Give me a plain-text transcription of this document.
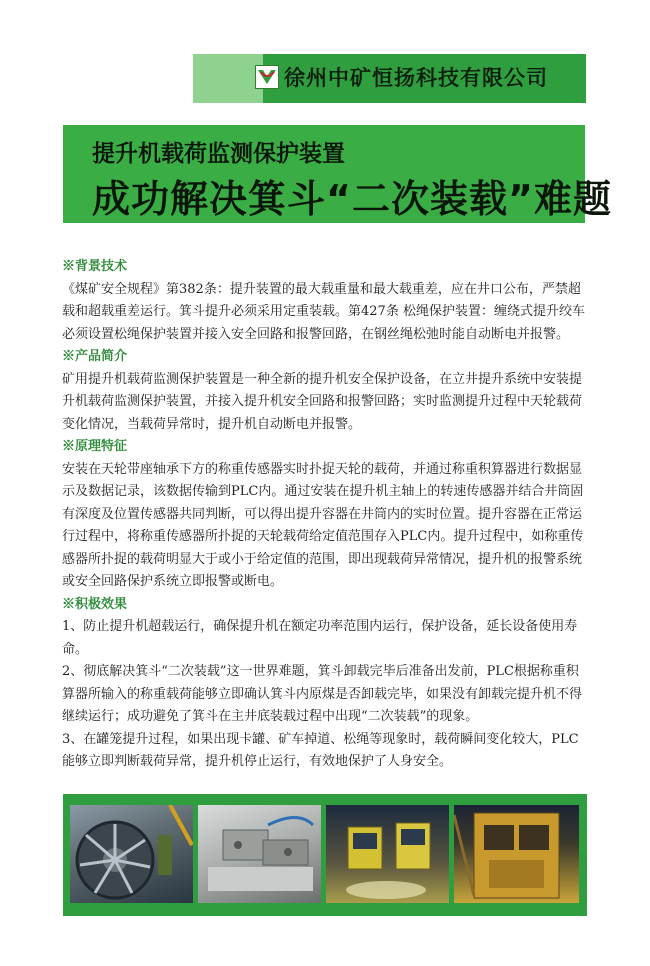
徐州中矿恒扬科技有限公司
提升机载荷监测保护装置
成功解决箕斗“二次装载”难题

※背景技术

《煤矿安全规程》第382条：提升装置的最大载重量和最大载重差，应在井口公布，严禁超载和超载重差运行。箕斗提升必须采用定重装载。第427条 松绳保护装置：缠绕式提升绞车必须设置松绳保护装置并接入安全回路和报警回路，在钢丝绳松弛时能自动断电并报警。

※产品简介

矿用提升机载荷监测保护装置是一种全新的提升机安全保护设备，在立井提升系统中安装提升机载荷监测保护装置，并接入提升机安全回路和报警回路；实时监测提升过程中天轮载荷变化情况，当载荷异常时，提升机自动断电并报警。

※原理特征

安装在天轮带座轴承下方的称重传感器实时扑捉天轮的载荷，并通过称重积算器进行数据显示及数据记录，该数据传输到PLC内。通过安装在提升机主轴上的转速传感器并结合井筒固有深度及位置传感器共同判断，可以得出提升容器在井筒内的实时位置。提升容器在正常运行过程中，将称重传感器所扑捉的天轮载荷给定值范围存入PLC内。提升过程中，如称重传感器所扑捉的载荷明显大于或小于给定值的范围，即出现载荷异常情况，提升机的报警系统或安全回路保护系统立即报警或断电。

※积极效果

1、防止提升机超载运行，确保提升机在额定功率范围内运行，保护设备，延长设备使用寿命。

2、彻底解决箕斗“二次装载”这一世界难题，箕斗卸载完毕后准备出发前，PLC根据称重积算器所输入的称重载荷能够立即确认箕斗内原煤是否卸载完毕，如果没有卸载完提升机不得继续运行；成功避免了箕斗在主井底装载过程中出现“二次装载”的现象。

3、在罐笼提升过程，如果出现卡罐、矿车掉道、松绳等现象时，载荷瞬间变化较大，PLC能够立即判断载荷异常，提升机停止运行，有效地保护了人身安全。
